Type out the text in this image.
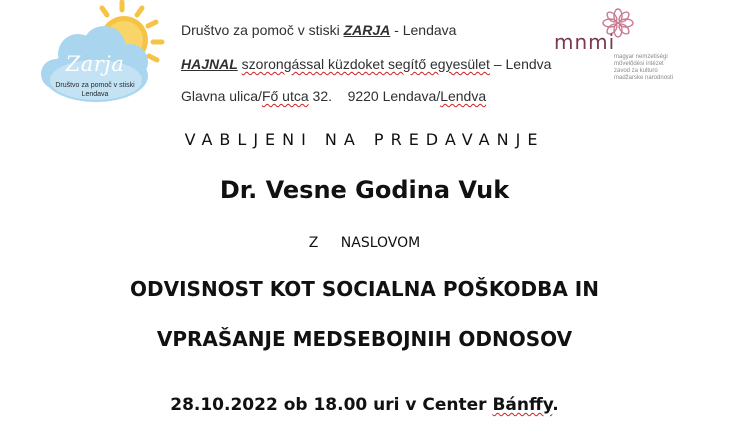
Zarja
Društvo za pomoč v stiski
Lendava
Društvo za pomoč v stiski ZARJA - Lendava
HAJNAL szorongással küzdoket segítő egyesület – Lendva
Glavna ulica/Fő utca 32. 9220 Lendava/Lendva
mnmi
magyar nemzetiségi
művelődési intézet
zavod za kulturo
madžarske narodnosti
VABLJENI NA PREDAVANJE
Dr. Vesne Godina Vuk
Z NASLOVOM
ODVISNOST KOT SOCIALNA POŠKODBA IN
VPRAŠANJE MEDSEBOJNIH ODNOSOV
28.10.2022 ob 18.00 uri v Center Bánffy.
